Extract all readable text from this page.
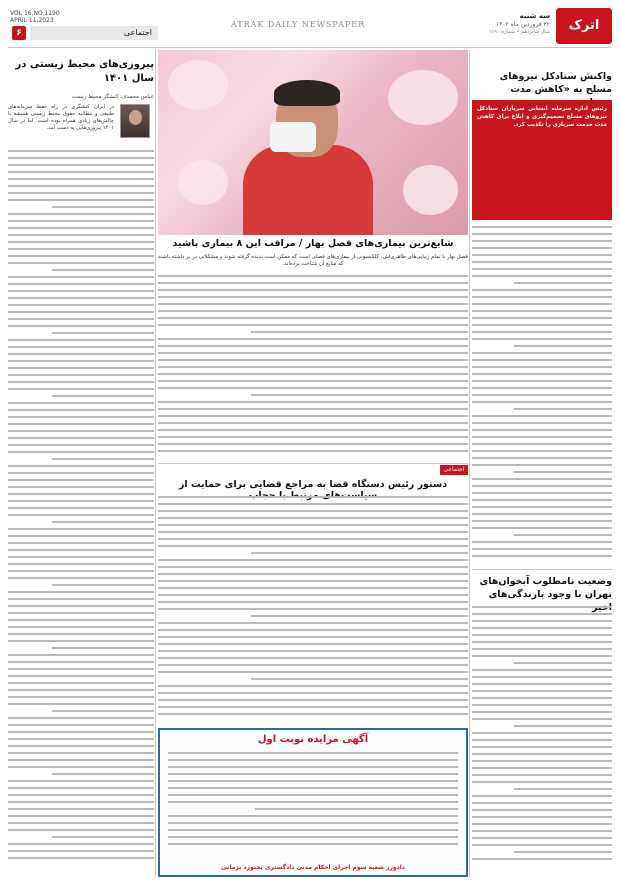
VOL 16,NO.1190
APRIL 11,2023
۶	اجتماعی
ATRAK DAILY NEWSPAPER
سه شنبه
۲۲ فروردین ماه ۱۴۰۲
سال شانزدهم • شماره ۱۱۹۰	اترک
پیروزی‌های محیط زیستی در سال ۱۴۰۱
عباس محمدی: کنشگر محیط زیست
در ایران کنشگری در راه حفظ سرمایه‌های طبیعی و مطالبه حقوق محیط زیستی همیشه با چالش‌های زیادی همراه بوده است. اما در سال ۱۴۰۱ پیروزی‌هایی به دست آمد.
شایع‌ترین بیماری‌های فصل بهار / مراقب این ۸ بیماری باشید
فصل بهار با تمام زیبایی‌های ظاهری‌اش، کلکسیونی از بیماری‌های فصلی است که ممکن است ندیده گرفته شوند و مشکلاتی در بر داشته باشند که منابع آن شناخت برده‌اند.
اجتماعی
دستور رئیس دستگاه قضا به مراجع قضایی برای حمایت از
آگهی مزایده نوبت اول
دادورز شعبه سوم اجرای احکام مدنی دادگستری بجنورد بزمانی
واکنش ستادکل نیروهای مسلح به «کاهش مدت
رئیس اداره سرمایه انسانی سربازان ستادکل نیروهای مسلح تصمیم‌گیری و ابلاغ برای کاهش مدت خدمت سربازی را تکذیب کرد.
وضعیت نامطلوب آبخوان‌های تهران با وجود بارندگی‌های
